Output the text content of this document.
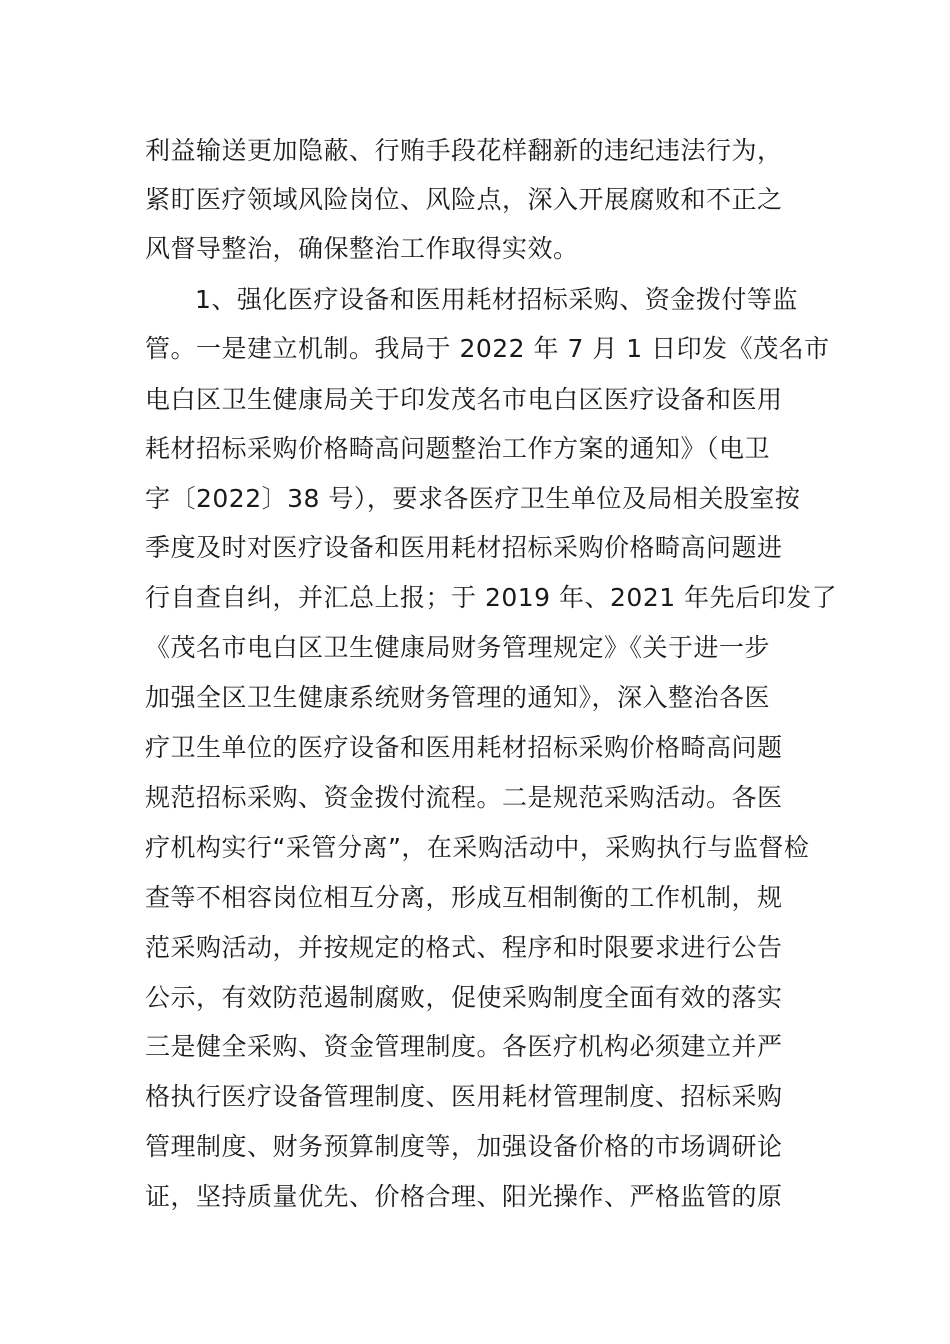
利益输送更加隐蔽、行贿手段花样翻新的违纪违法行为，
紧盯医疗领域风险岗位、风险点，深入开展腐败和不正之
风督导整治，确保整治工作取得实效。
1、强化医疗设备和医用耗材招标采购、资金拨付等监
管。一是建立机制。我局于 2022 年 7 月 1 日印发《茂名市
电白区卫生健康局关于印发茂名市电白区医疗设备和医用
耗材招标采购价格畸高问题整治工作方案的通知》（电卫
字〔2022〕38 号），要求各医疗卫生单位及局相关股室按
季度及时对医疗设备和医用耗材招标采购价格畸高问题进
行自查自纠，并汇总上报；于 2019 年、2021 年先后印发了
《茂名市电白区卫生健康局财务管理规定》《关于进一步
加强全区卫生健康系统财务管理的通知》，深入整治各医
疗卫生单位的医疗设备和医用耗材招标采购价格畸高问题
规范招标采购、资金拨付流程。二是规范采购活动。各医
疗机构实行“采管分离”，在采购活动中，采购执行与监督检
查等不相容岗位相互分离，形成互相制衡的工作机制，规
范采购活动，并按规定的格式、程序和时限要求进行公告
公示，有效防范遏制腐败，促使采购制度全面有效的落实
三是健全采购、资金管理制度。各医疗机构必须建立并严
格执行医疗设备管理制度、医用耗材管理制度、招标采购
管理制度、财务预算制度等，加强设备价格的市场调研论
证，坚持质量优先、价格合理、阳光操作、严格监管的原
